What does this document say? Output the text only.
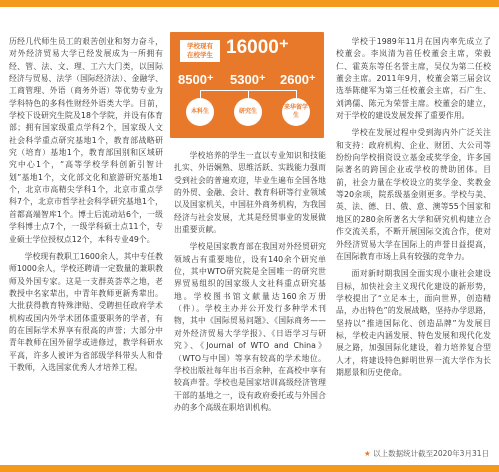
历经几代师生员工的艰苦创业和努力奋斗，对外经济贸易大学已经发展成为一所拥有经、管、法、文、理、工六大门类，以国际经济与贸易、法学（国际经济法）、金融学、工商管理、外语（商务外语）等优势专业为学科特色的多科性财经外语类大学。目前，学校下设研究生院及18个学院，并设有体育部；拥有国家级重点学科2个，国家级人文社会科学重点研究基地1个，教育部战略研究（培育）基地1个，教育部国别和区域研究中心1个，“高等学校学科创新引智计划”基地1个，文化部文化和旅游研究基地1个，北京市高精尖学科1个，北京市重点学科7个，北京市哲学社会科学研究基地1个，首都高端智库1个。博士后流动站6个，一级学科博士点7个，一级学科硕士点11个，专业硕士学位授权点12个，本科专业49个。

学校现有教职工1600余人，其中专任教师1000余人，学校还聘请一定数量的兼职教师及外国专家。这是一支群英荟萃之地，老教授中名家辈出，中青年教师更新秀辈出。大批获得教育特殊津贴、受聘担任政府学术机构或国内外学术团体重要职务的学者，有的在国际学术界享有很高的声誉；大部分中青年教师在国外留学或进修过，教学科研水平高，许多人被评为省部级学科带头人和骨干教师，入选国家优秀人才培养工程。

学校现有
在校学生 16000⁺
8500⁺ 5300⁺ 2600⁺
本科生	研究生
来华留学生

学校培养的学生一直以专业知识和技能扎实、外语娴熟、思维活跃、实践能力强而受到社会的普遍欢迎，毕业生遍布全国各地的外贸、金融、会计、教育科研等行业领域以及国家机关，中国驻外商务机构，为我国经济与社会发展，尤其是经贸事业的发展做出重要贡献。

学校是国家教育部在我国对外经贸研究领域占有重要地位，设有140余个研究单位，其中WTO研究院是全国唯一的研究世界贸易组织的国家级人文社科重点研究基地。学校图书馆文献量达160余万册（件）。学校主办并公开发行多种学术刊物，其中《国际贸易问题》、《国际商务——对外经济贸易大学学报》、《日语学习与研究》、《Journal of WTO and China》（WTO与中国）等享有较高的学术地位。学校出版社每年出书百余种，在高校中享有较高声誉。学校也是国家培训高级经济管理干部的基地之一，设有政府委托或与外国合办的多个高级在职培训机构。

学校于1989年11月在国内率先成立了校董会。李岚清为首任校董会主席，荣毅仁、霍英东等任名誉主席，吴仪为第二任校董会主席。2011年9月，校董会第三届会议选举陈健军为第三任校董会主席，石广生、刘鸿儒、陈元为荣誉主席。校董会的建立，对于学校的建设发展发挥了重要作用。

学校在发展过程中受到海内外广泛关注和支持：政府机构、企业、财团、大公司等纷纷向学校捐资设立基金或奖学金，许多国际著名的跨国企业或学校的赞助团体。目前，社会力量在学校设立的奖学金、奖教金等20余项，院系级基金则更多。学校与美、英、法、德、日、俄、意、澳等55个国家和地区的280余所著名大学和研究机构建立合作交流关系，不断开展国际交流合作，使对外经济贸易大学在国际上的声誉日益提高，在国际教育市场上具有较强的竞争力。

面对新时期我国全面实现小康社会建设目标，加快社会主义现代化建设的新形势，学校提出了“立足本土，面向世界，创造精品，办出特色”的发展战略，坚持办学思路，坚持以“推进国际化、创造品牌”为发展目标，学校走内涵发展、特色发展和现代化发展之路，加强国际化建设，着力培养复合型人才，将建设特色鲜明世界一流大学作为长期愿景和历史使命。

★ 以上数据统计截至2020年3月31日
